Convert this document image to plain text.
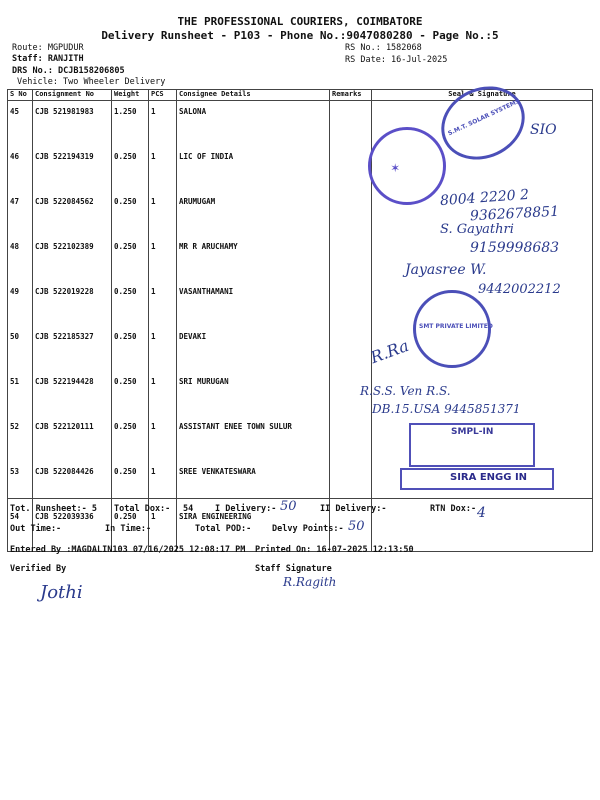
THE PROFESSIONAL COURIERS, COIMBATORE
Delivery Runsheet - P103 - Phone No.:9047080280 - Page No.:5
Route: MGPUDUR
Staff: RANJITH
DRS No.: DCJB158206805
Vehicle: Two Wheeler Delivery
RS No.: 1582068
RS Date: 16-Jul-2025
S No	Consignment No	Weight	PCS	Consignee Details	Remarks	Seal & Signature
45	CJB 521981983	1.250	1	SALONA		
46	CJB 522194319	0.250	1	LIC OF INDIA		
47	CJB 522084562	0.250	1	ARUMUGAM		
48	CJB 522102389	0.250	1	MR R ARUCHAMY		
49	CJB 522019228	0.250	1	VASANTHAMANI		
50	CJB 522185327	0.250	1	DEVAKI		
51	CJB 522194428	0.250	1	SRI MURUGAN		
52	CJB 522120111	0.250	1	ASSISTANT ENEE TOWN SULUR		
53	CJB 522084426	0.250	1	SREE VENKATESWARA		
54	CJB 522039336	0.250	1	SIRA ENGINEERING		
S.M.T. SOLAR SYSTEMS
✶
SMT PRIVATE LIMITED
SMPL-IN
SIRA ENGG IN
SIO
8004 2220 2
9362678851
S. Gayathri
9159998683
Jayasree W.
9442002212
R.Ra
R.S.S. Ven R.S.
DB.15.USA 9445851371
Tot. Runsheet:- 5 Total Dox:- 54	I Delivery:- 50	II Delivery:-	RTN Dox:- 4
Out Time:-	In Time:-	Total POD:- Delvy Points:- 50
Entered By :MAGDALIN103 07/16/2025 12:08:17 PM Printed On: 16-07-2025 12:13:50
Verified By	Staff Signature
Jothi	R.Ragith
